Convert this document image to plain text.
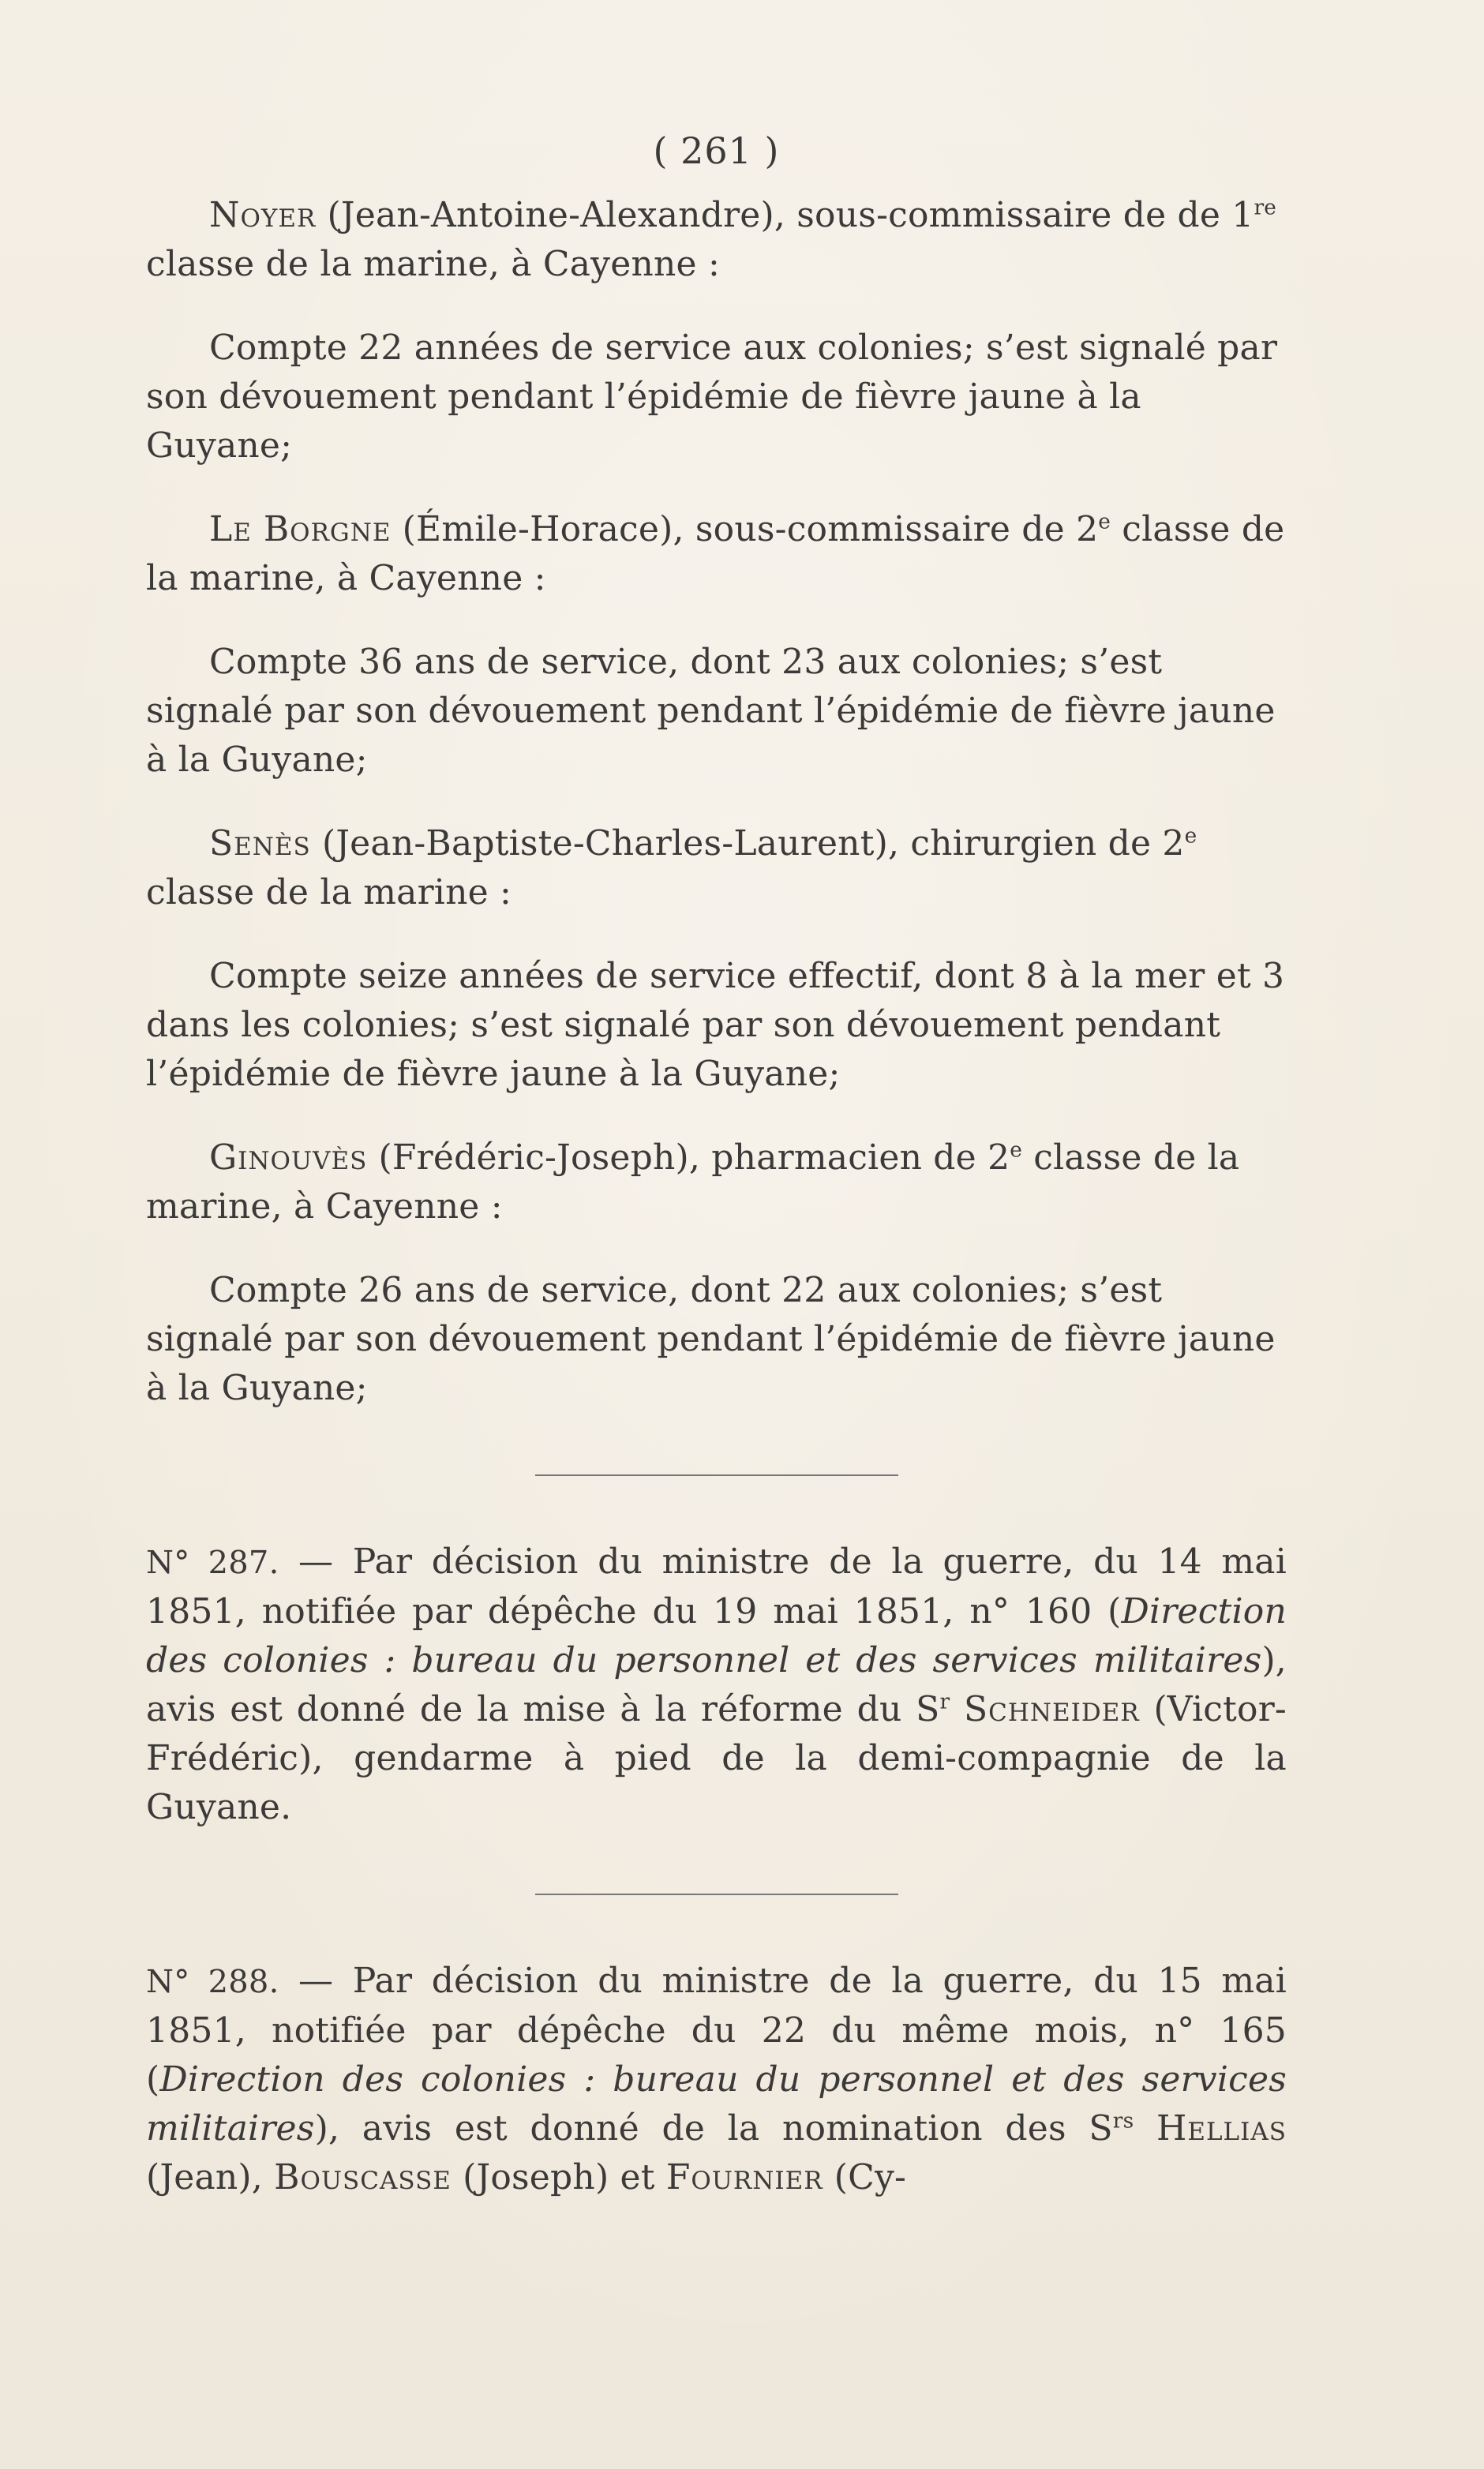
( 261 )

Noyer (Jean-Antoine-Alexandre), sous-commissaire de de 1re classe de la marine, à Cayenne :

Compte 22 années de service aux colonies; s’est signalé par son dévouement pendant l’épidémie de fièvre jaune à la Guyane;

Le Borgne (Émile-Horace), sous-commissaire de 2e classe de la marine, à Cayenne :

Compte 36 ans de service, dont 23 aux colonies; s’est signalé par son dévouement pendant l’épidémie de fièvre jaune à la Guyane;

Senès (Jean-Baptiste-Charles-Laurent), chirurgien de 2e classe de la marine :

Compte seize années de service effectif, dont 8 à la mer et 3 dans les colonies; s’est signalé par son dévouement pendant l’épidémie de fièvre jaune à la Guyane;

Ginouvès (Frédéric-Joseph), pharmacien de 2e classe de la marine, à Cayenne :

Compte 26 ans de service, dont 22 aux colonies; s’est signalé par son dévouement pendant l’épidémie de fièvre jaune à la Guyane;

N° 287. — Par décision du ministre de la guerre, du 14 mai 1851, notifiée par dépêche du 19 mai 1851, n° 160 (Direction des colonies : bureau du personnel et des services militaires), avis est donné de la mise à la réforme du $S^r$ Schneider (Victor-Frédéric), gendarme à pied de la demi-compagnie de la Guyane.

N° 288. — Par décision du ministre de la guerre, du 15 mai 1851, notifiée par dépêche du 22 du même mois, n° 165 (Direction des colonies : bureau du personnel et des services militaires), avis est donné de la nomination des $S^{rs}$ Hellias (Jean), Bouscasse (Joseph) et Fournier (Cy-
